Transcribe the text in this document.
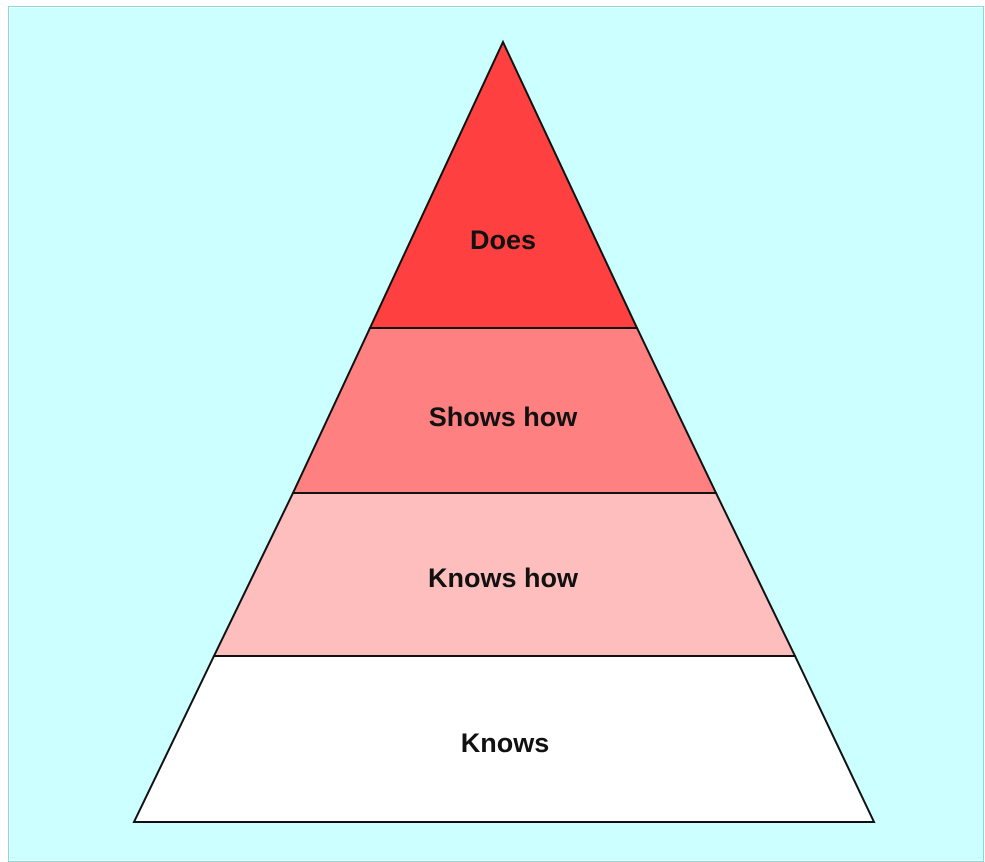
Does
Shows how
Knows how
Knows
